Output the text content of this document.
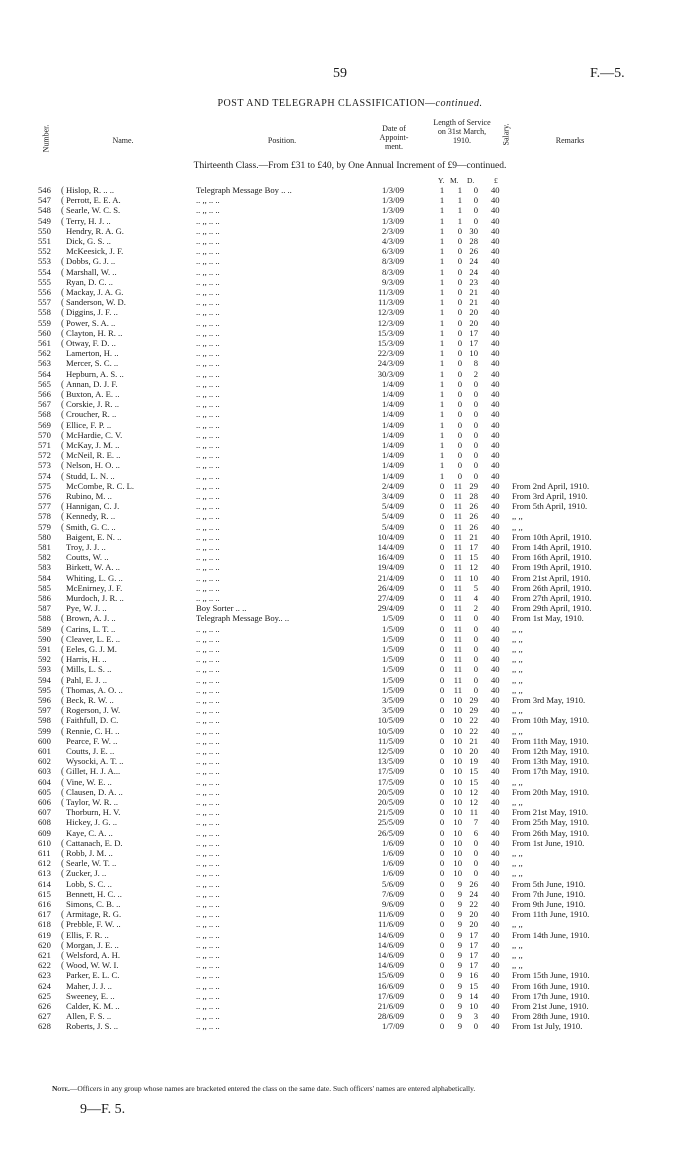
59	F.—5.
POST AND TELEGRAPH CLASSIFICATION—continued.
Number.	Name.	Position.
Date of Appoint-ment.
Length of Service on 31st March, 1910.	Salary.	Remarks
Thirteenth Class.—From £31 to £40, by One Annual Increment of £9—continued.
Y. M. D.	£
546	( Hislop, R. .. ..	Telegraph Message Boy .. ..	1/3/09	1	1	0 40
547	( Perrott, E. E. A.	.. ,, .. ..	1/3/09	1	1	0 40
548	( Searle, W. C. S.	.. ,, .. ..	1/3/09	1	1	0 40
549	( Terry, H. J. ..	.. ,, .. ..	1/3/09	1	1	0 40
550	Hendry, R. A. G.	.. ,, .. ..	2/3/09	1	0 30 40
551	Dick, G. S. ..	.. ,, .. ..	4/3/09	1	0 28 40
552	McKeesick, J. F.	.. ,, .. ..	6/3/09	1	0 26 40
553	( Dobbs, G. J. ..	.. ,, .. ..	8/3/09	1	0 24 40
554	( Marshall, W. ..	.. ,, .. ..	8/3/09	1	0 24 40
555	Ryan, D. C. ..	.. ,, .. ..	9/3/09	1	0 23 40
556	( Mackay, J. A. G.	.. ,, .. ..	11/3/09	1	0 21 40
557	( Sanderson, W. D.	.. ,, .. ..	11/3/09	1	0 21 40
558	( Diggins, J. F. ..	.. ,, .. ..	12/3/09	1	0 20 40
559	( Power, S. A. ..	.. ,, .. ..	12/3/09	1	0 20 40
560	( Clayton, H. R. ..	.. ,, .. ..	15/3/09	1	0 17 40
561	( Otway, F. D. ..	.. ,, .. ..	15/3/09	1	0 17 40
562	Lamerton, H. ..	.. ,, .. ..	22/3/09	1	0 10 40
563	Mercer, S. C. ..	.. ,, .. ..	24/3/09	1	0	8 40
564	Hepburn, A. S. ..	.. ,, .. ..	30/3/09	1	0	2 40
565	( Annan, D. J. F.	.. ,, .. ..	1/4/09	1	0	0 40
566	( Buxton, A. E. ..	.. ,, .. ..	1/4/09	1	0	0 40
567	( Corskie, J. R. ..	.. ,, .. ..	1/4/09	1	0	0 40
568	( Croucher, R. ..	.. ,, .. ..	1/4/09	1	0	0 40
569	( Ellice, F. P. ..	.. ,, .. ..	1/4/09	1	0	0 40
570	( McHardie, C. V.	.. ,, .. ..	1/4/09	1	0	0 40
571	( McKay, J. M. ..	.. ,, .. ..	1/4/09	1	0	0 40
572	( McNeil, R. E. ..	.. ,, .. ..	1/4/09	1	0	0 40
573	( Nelson, H. O. ..	.. ,, .. ..	1/4/09	1	0	0 40
574	( Studd, L. N. ..	.. ,, .. ..	1/4/09	1	0	0 40
575	McCombe, R. C. L.	.. ,, .. ..	2/4/09	0	11 29 40	From 2nd April, 1910.
576	Rubino, M. ..	.. ,, .. ..	3/4/09	0	11 28 40	From 3rd April, 1910.
577	( Hannigan, C. J.	.. ,, .. ..	5/4/09	0	11 26 40	From 5th April, 1910.
578	( Kennedy, R. ..	.. ,, .. ..	5/4/09	0	11 26 40	,, ,,
579	( Smith, G. C. ..	.. ,, .. ..	5/4/09	0	11 26 40	,, ,,
580	Baigent, E. N. ..	.. ,, .. ..	10/4/09	0	11 21 40	From 10th April, 1910.
581	Troy, J. J. ..	.. ,, .. ..	14/4/09	0	11 17 40	From 14th April, 1910.
582	Coutts, W. ..	.. ,, .. ..	16/4/09	0	11 15 40	From 16th April, 1910.
583	Birkett, W. A. ..	.. ,, .. ..	19/4/09	0	11 12 40	From 19th April, 1910.
584	Whiting, L. G. ..	.. ,, .. ..	21/4/09	0	11 10 40	From 21st April, 1910.
585	McEnirney, J. F.	.. ,, .. ..	26/4/09	0	11	5 40	From 26th April, 1910.
586	Murdoch, J. R. ..	.. ,, .. ..	27/4/09	0	11	4 40	From 27th April, 1910.
587	Pye, W. J. ..	Boy Sorter .. ..	29/4/09	0	11	2 40	From 29th April, 1910.
588	( Brown, A. J. ..	Telegraph Message Boy.. ..	1/5/09	0	11	0 40	From 1st May, 1910.
589	( Carins, L. T. ..	.. ,, .. ..	1/5/09	0	11	0 40	,, ,,
590	( Cleaver, L. E. ..	.. ,, .. ..	1/5/09	0	11	0 40	,, ,,
591	( Eeles, G. J. M.	.. ,, .. ..	1/5/09	0	11	0 40	,, ,,
592	( Harris, H. ..	.. ,, .. ..	1/5/09	0	11	0 40	,, ,,
593	( Mills, L. S. ..	.. ,, .. ..	1/5/09	0	11	0 40	,, ,,
594	( Pahl, E. J. ..	.. ,, .. ..	1/5/09	0	11	0 40	,, ,,
595	( Thomas, A. O. ..	.. ,, .. ..	1/5/09	0	11	0 40	,, ,,
596	( Beck, R. W. ..	.. ,, .. ..	3/5/09	0	10 29 40	From 3rd May, 1910.
597	( Rogerson, J. W.	.. ,, .. ..	3/5/09	0	10 29 40	,, ,,
598	( Faithfull, D. C.	.. ,, .. ..	10/5/09	0	10 22 40	From 10th May, 1910.
599	( Rennie, C. H. ..	.. ,, .. ..	10/5/09	0	10 22 40	,, ,,
600	Pearce, F. W. ..	.. ,, .. ..	11/5/09	0	10 21 40	From 11th May, 1910.
601	Coutts, J. E. ..	.. ,, .. ..	12/5/09	0	10 20 40	From 12th May, 1910.
602	Wysocki, A. T. ..	.. ,, .. ..	13/5/09	0	10 19 40	From 13th May, 1910.
603	( Gillet, H. J. A...	.. ,, .. ..	17/5/09	0	10 15 40	From 17th May, 1910.
604	( Vine, W. E. ..	.. ,, .. ..	17/5/09	0	10 15 40	,, ,,
605	( Clausen, D. A. ..	.. ,, .. ..	20/5/09	0	10 12 40	From 20th May, 1910.
606	( Taylor, W. R. ..	.. ,, .. ..	20/5/09	0	10 12 40	,, ,,
607	Thorburn, H. V.	.. ,, .. ..	21/5/09	0	10 11 40	From 21st May, 1910.
608	Hickey, J. G. ..	.. ,, .. ..	25/5/09	0	10	7 40	From 25th May, 1910.
609	Kaye, C. A. ..	.. ,, .. ..	26/5/09	0	10	6 40	From 26th May, 1910.
610	( Cattanach, E. D.	.. ,, .. ..	1/6/09	0	10	0 40	From 1st June, 1910.
611	( Robb, J. M. ..	.. ,, .. ..	1/6/09	0	10	0 40	,, ,,
612	( Searle, W. T. ..	.. ,, .. ..	1/6/09	0	10	0 40	,, ,,
613	( Zucker, J. ..	.. ,, .. ..	1/6/09	0	10	0 40	,, ,,
614	Lobb, S. C. ..	.. ,, .. ..	5/6/09	0	9 26 40	From 5th June, 1910.
615	Bennett, H. C. ..	.. ,, .. ..	7/6/09	0	9 24 40	From 7th June, 1910.
616	Simons, C. B. ..	.. ,, .. ..	9/6/09	0	9 22 40	From 9th June, 1910.
617	( Armitage, R. G.	.. ,, .. ..	11/6/09	0	9 20 40	From 11th June, 1910.
618	( Prebble, F. W. ..	.. ,, .. ..	11/6/09	0	9 20 40	,, ,,
619	( Ellis, F. R. ..	.. ,, .. ..	14/6/09	0	9 17 40	From 14th June, 1910.
620	( Morgan, J. E. ..	.. ,, .. ..	14/6/09	0	9 17 40	,, ,,
621	( Welsford, A. H.	.. ,, .. ..	14/6/09	0	9 17 40	,, ,,
622	( Wood, W. W. I.	.. ,, .. ..	14/6/09	0	9 17 40	,, ,,
623	Parker, E. L. C.	.. ,, .. ..	15/6/09	0	9 16 40	From 15th June, 1910.
624	Maher, J. J. ..	.. ,, .. ..	16/6/09	0	9 15 40	From 16th June, 1910.
625	Sweeney, E. ..	.. ,, .. ..	17/6/09	0	9 14 40	From 17th June, 1910.
626	Calder, K. M. ..	.. ,, .. ..	21/6/09	0	9 10 40	From 21st June, 1910.
627	Allen, F. S. ..	.. ,, .. ..	28/6/09	0	9	3 40	From 28th June, 1910.
628	Roberts, J. S. ..	.. ,, .. ..	1/7/09	0	9	0 40	From 1st July, 1910.
Note.—Officers in any group whose names are bracketed entered the class on the same date. Such officers' names are entered alphabetically.
9—F. 5.
